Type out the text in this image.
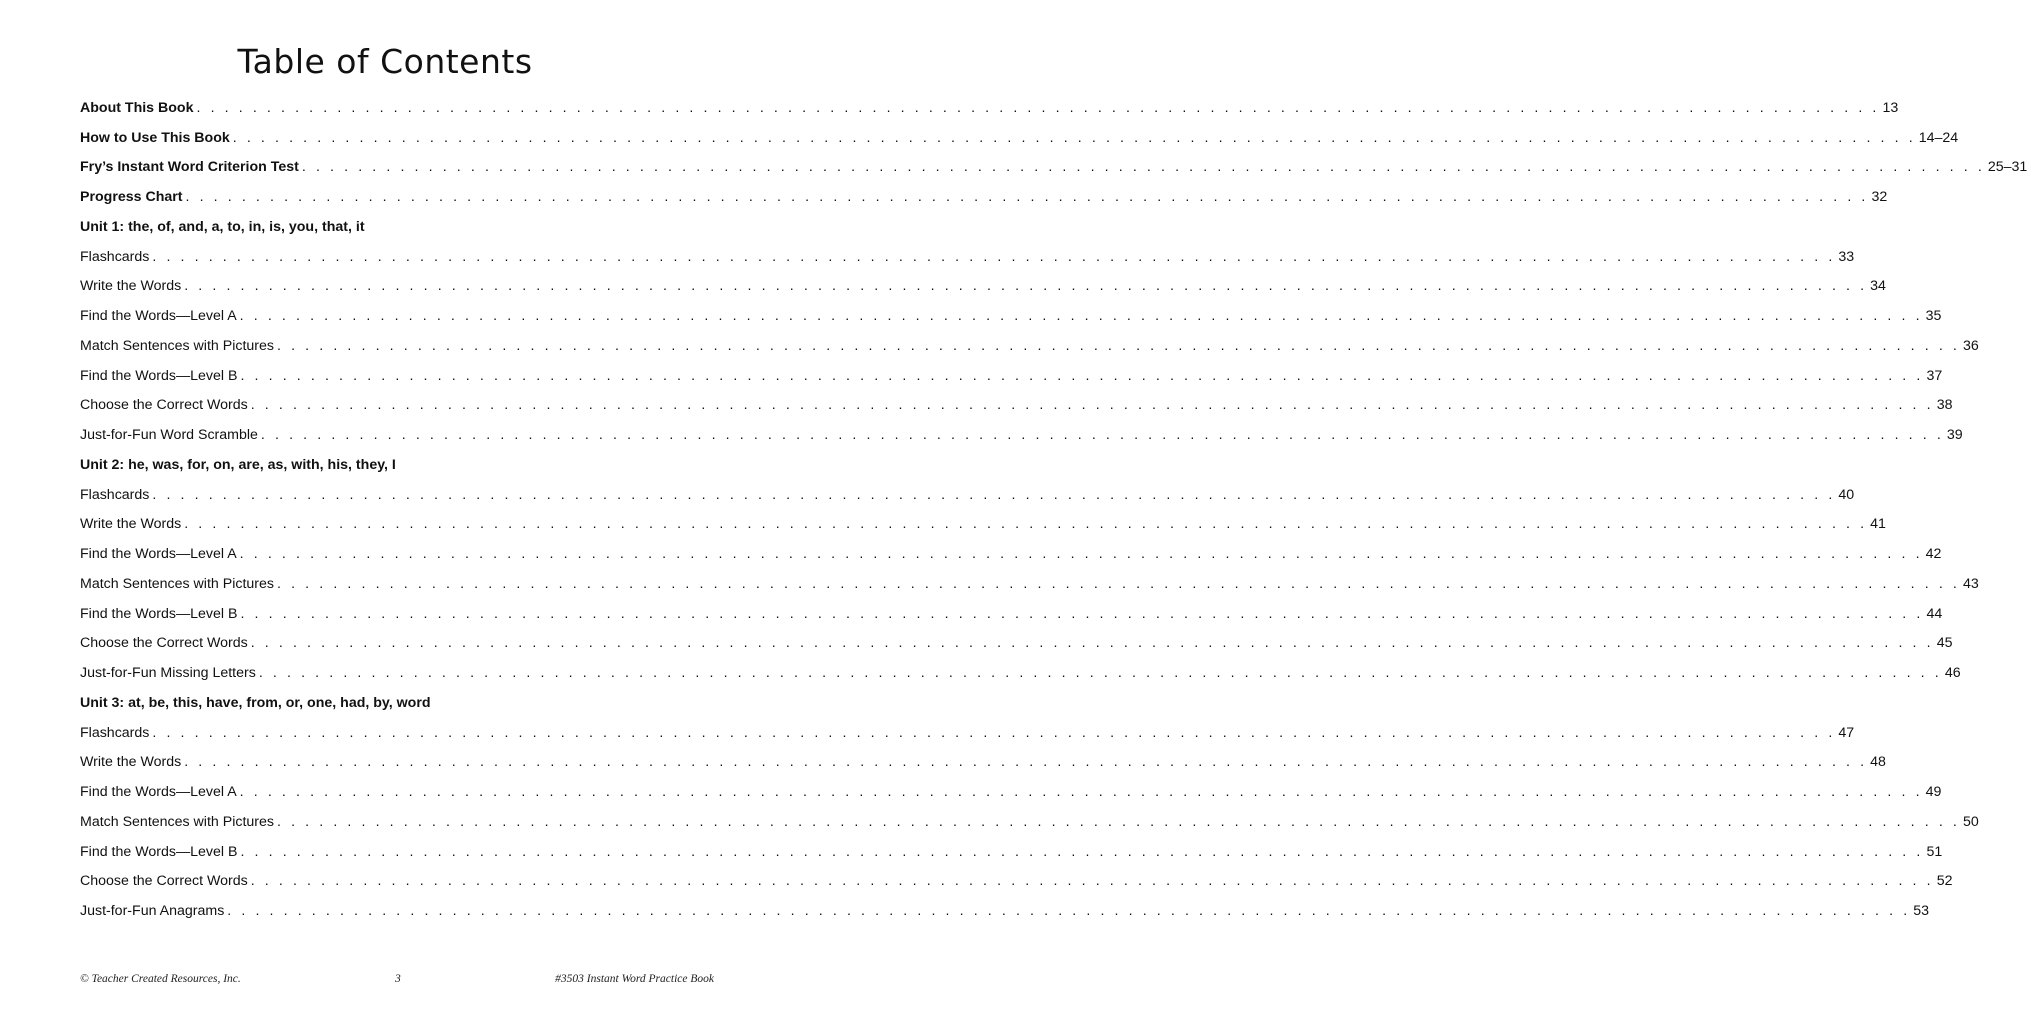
Table of Contents
About This Book . . . . . . . . . . . . . . . . . . . . . . . . . . . . . . . . . . . . . . . . . . . . . . . . . . . . . . . . . . . . . . . . . . . . . . . . . . . . . . . . . . . . . . . . . . . . . . . . . . . . . . . . . . . . . . . . . . . . . . . . 13
How to Use This Book . . . . . . . . . . . . . . . . . . . . . . . . . . . . . . . . . . . . . . . . . . . . . . . . . . . . . . . . . . . . . . . . . . . . . . . . . . . . . . . . . . . . . . . . . . . . . . . . . . . . . . . . . . . . . . . . . . . . . . . . 14–24
Fry’s Instant Word Criterion Test . . . . . . . . . . . . . . . . . . . . . . . . . . . . . . . . . . . . . . . . . . . . . . . . . . . . . . . . . . . . . . . . . . . . . . . . . . . . . . . . . . . . . . . . . . . . . . . . . . . . . . . . . . . . . . . . . . . . . . . . 25–31
Progress Chart . . . . . . . . . . . . . . . . . . . . . . . . . . . . . . . . . . . . . . . . . . . . . . . . . . . . . . . . . . . . . . . . . . . . . . . . . . . . . . . . . . . . . . . . . . . . . . . . . . . . . . . . . . . . . . . . . . . . . . . . 32
Unit 1: the, of, and, a, to, in, is, you, that, it
Flashcards . . . . . . . . . . . . . . . . . . . . . . . . . . . . . . . . . . . . . . . . . . . . . . . . . . . . . . . . . . . . . . . . . . . . . . . . . . . . . . . . . . . . . . . . . . . . . . . . . . . . . . . . . . . . . . . . . . . . . . . . 33
Write the Words . . . . . . . . . . . . . . . . . . . . . . . . . . . . . . . . . . . . . . . . . . . . . . . . . . . . . . . . . . . . . . . . . . . . . . . . . . . . . . . . . . . . . . . . . . . . . . . . . . . . . . . . . . . . . . . . . . . . . . . . 34
Find the Words—Level A . . . . . . . . . . . . . . . . . . . . . . . . . . . . . . . . . . . . . . . . . . . . . . . . . . . . . . . . . . . . . . . . . . . . . . . . . . . . . . . . . . . . . . . . . . . . . . . . . . . . . . . . . . . . . . . . . . . . . . . . 35
Match Sentences with Pictures . . . . . . . . . . . . . . . . . . . . . . . . . . . . . . . . . . . . . . . . . . . . . . . . . . . . . . . . . . . . . . . . . . . . . . . . . . . . . . . . . . . . . . . . . . . . . . . . . . . . . . . . . . . . . . . . . . . . . . . . 36
Find the Words—Level B . . . . . . . . . . . . . . . . . . . . . . . . . . . . . . . . . . . . . . . . . . . . . . . . . . . . . . . . . . . . . . . . . . . . . . . . . . . . . . . . . . . . . . . . . . . . . . . . . . . . . . . . . . . . . . . . . . . . . . . . 37
Choose the Correct Words . . . . . . . . . . . . . . . . . . . . . . . . . . . . . . . . . . . . . . . . . . . . . . . . . . . . . . . . . . . . . . . . . . . . . . . . . . . . . . . . . . . . . . . . . . . . . . . . . . . . . . . . . . . . . . . . . . . . . . . . 38
Just-for-Fun Word Scramble . . . . . . . . . . . . . . . . . . . . . . . . . . . . . . . . . . . . . . . . . . . . . . . . . . . . . . . . . . . . . . . . . . . . . . . . . . . . . . . . . . . . . . . . . . . . . . . . . . . . . . . . . . . . . . . . . . . . . . . . 39
Unit 2: he, was, for, on, are, as, with, his, they, I
Flashcards . . . . . . . . . . . . . . . . . . . . . . . . . . . . . . . . . . . . . . . . . . . . . . . . . . . . . . . . . . . . . . . . . . . . . . . . . . . . . . . . . . . . . . . . . . . . . . . . . . . . . . . . . . . . . . . . . . . . . . . . 40
Write the Words . . . . . . . . . . . . . . . . . . . . . . . . . . . . . . . . . . . . . . . . . . . . . . . . . . . . . . . . . . . . . . . . . . . . . . . . . . . . . . . . . . . . . . . . . . . . . . . . . . . . . . . . . . . . . . . . . . . . . . . . 41
Find the Words—Level A . . . . . . . . . . . . . . . . . . . . . . . . . . . . . . . . . . . . . . . . . . . . . . . . . . . . . . . . . . . . . . . . . . . . . . . . . . . . . . . . . . . . . . . . . . . . . . . . . . . . . . . . . . . . . . . . . . . . . . . . 42
Match Sentences with Pictures . . . . . . . . . . . . . . . . . . . . . . . . . . . . . . . . . . . . . . . . . . . . . . . . . . . . . . . . . . . . . . . . . . . . . . . . . . . . . . . . . . . . . . . . . . . . . . . . . . . . . . . . . . . . . . . . . . . . . . . . 43
Find the Words—Level B . . . . . . . . . . . . . . . . . . . . . . . . . . . . . . . . . . . . . . . . . . . . . . . . . . . . . . . . . . . . . . . . . . . . . . . . . . . . . . . . . . . . . . . . . . . . . . . . . . . . . . . . . . . . . . . . . . . . . . . . 44
Choose the Correct Words . . . . . . . . . . . . . . . . . . . . . . . . . . . . . . . . . . . . . . . . . . . . . . . . . . . . . . . . . . . . . . . . . . . . . . . . . . . . . . . . . . . . . . . . . . . . . . . . . . . . . . . . . . . . . . . . . . . . . . . . 45
Just-for-Fun Missing Letters . . . . . . . . . . . . . . . . . . . . . . . . . . . . . . . . . . . . . . . . . . . . . . . . . . . . . . . . . . . . . . . . . . . . . . . . . . . . . . . . . . . . . . . . . . . . . . . . . . . . . . . . . . . . . . . . . . . . . . . . 46
Unit 3: at, be, this, have, from, or, one, had, by, word
Flashcards . . . . . . . . . . . . . . . . . . . . . . . . . . . . . . . . . . . . . . . . . . . . . . . . . . . . . . . . . . . . . . . . . . . . . . . . . . . . . . . . . . . . . . . . . . . . . . . . . . . . . . . . . . . . . . . . . . . . . . . . 47
Write the Words . . . . . . . . . . . . . . . . . . . . . . . . . . . . . . . . . . . . . . . . . . . . . . . . . . . . . . . . . . . . . . . . . . . . . . . . . . . . . . . . . . . . . . . . . . . . . . . . . . . . . . . . . . . . . . . . . . . . . . . . 48
Find the Words—Level A . . . . . . . . . . . . . . . . . . . . . . . . . . . . . . . . . . . . . . . . . . . . . . . . . . . . . . . . . . . . . . . . . . . . . . . . . . . . . . . . . . . . . . . . . . . . . . . . . . . . . . . . . . . . . . . . . . . . . . . . 49
Match Sentences with Pictures . . . . . . . . . . . . . . . . . . . . . . . . . . . . . . . . . . . . . . . . . . . . . . . . . . . . . . . . . . . . . . . . . . . . . . . . . . . . . . . . . . . . . . . . . . . . . . . . . . . . . . . . . . . . . . . . . . . . . . . . 50
Find the Words—Level B . . . . . . . . . . . . . . . . . . . . . . . . . . . . . . . . . . . . . . . . . . . . . . . . . . . . . . . . . . . . . . . . . . . . . . . . . . . . . . . . . . . . . . . . . . . . . . . . . . . . . . . . . . . . . . . . . . . . . . . . 51
Choose the Correct Words . . . . . . . . . . . . . . . . . . . . . . . . . . . . . . . . . . . . . . . . . . . . . . . . . . . . . . . . . . . . . . . . . . . . . . . . . . . . . . . . . . . . . . . . . . . . . . . . . . . . . . . . . . . . . . . . . . . . . . . . 52
Just-for-Fun Anagrams . . . . . . . . . . . . . . . . . . . . . . . . . . . . . . . . . . . . . . . . . . . . . . . . . . . . . . . . . . . . . . . . . . . . . . . . . . . . . . . . . . . . . . . . . . . . . . . . . . . . . . . . . . . . . . . . . . . . . . . . 53
© Teacher Created Resources, Inc.	3	#3503 Instant Word Practice Book
